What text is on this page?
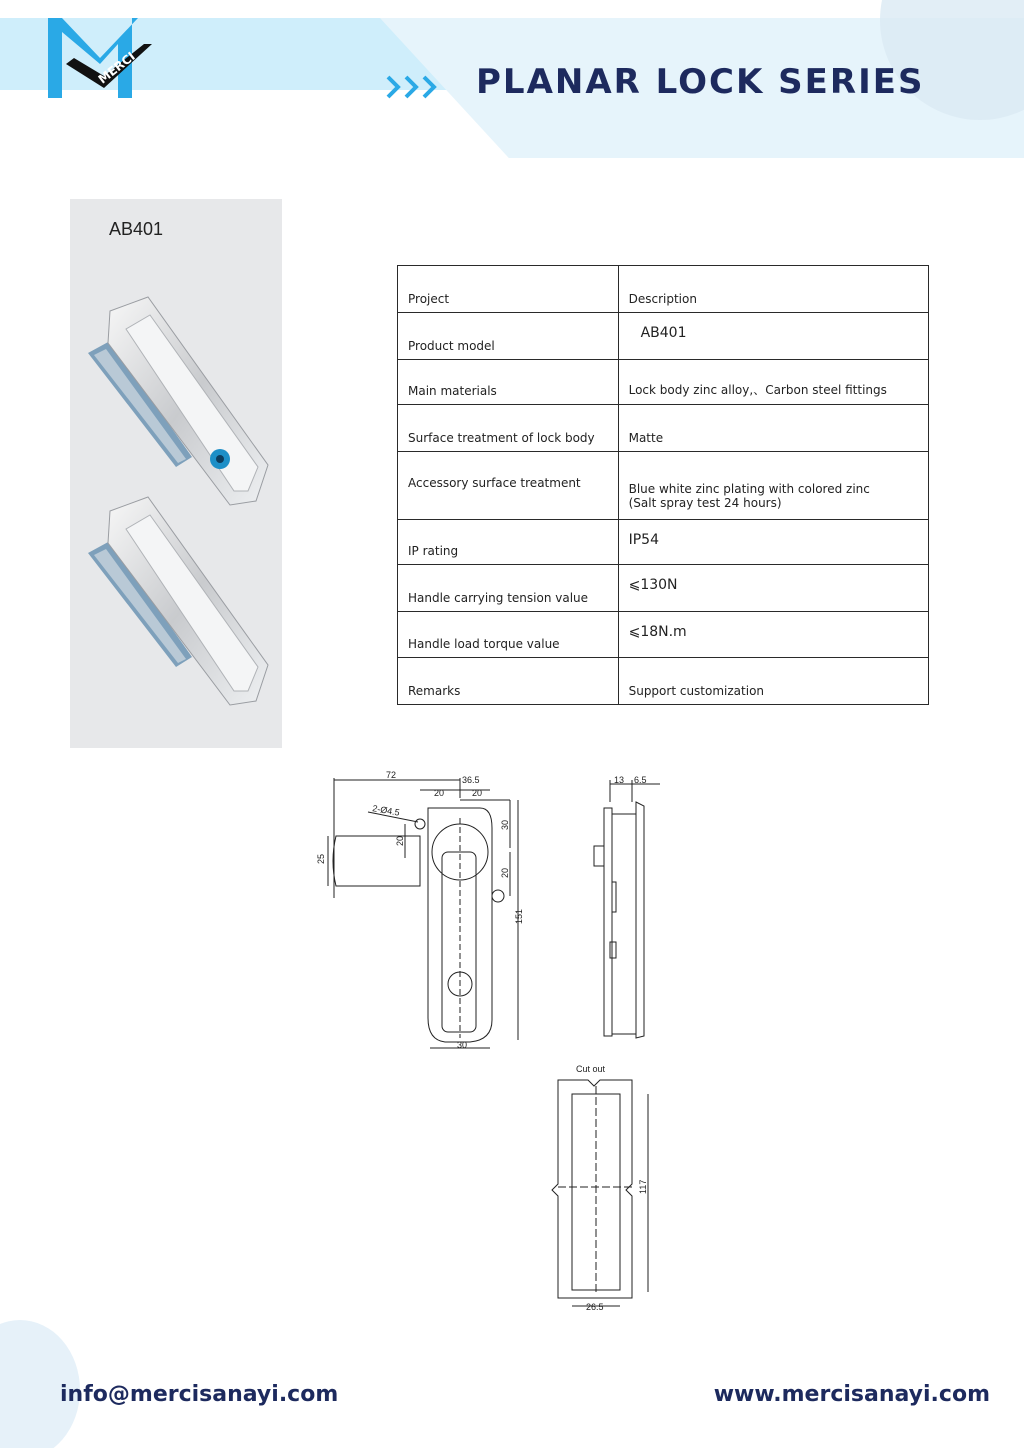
MERCI	PLANAR LOCK SERIES
AB401
Project	Description
Product model	AB401
Main materials	Lock body zinc alloy,、Carbon steel fittings
Surface treatment of lock body	Matte
Accessory surface treatment	Blue white zinc plating with colored zinc
(Salt spray test 24 hours)

IP rating	IP54
Handle carrying tension value	⩽130N
Handle load torque value	⩽18N.m
Remarks	Support customization
72	36.5
20	20
2-Ø4.5
30
20
25
20
151
30
13 6.5
Cut out
117
26.5
info@mercisanayi.com	www.mercisanayi.com
